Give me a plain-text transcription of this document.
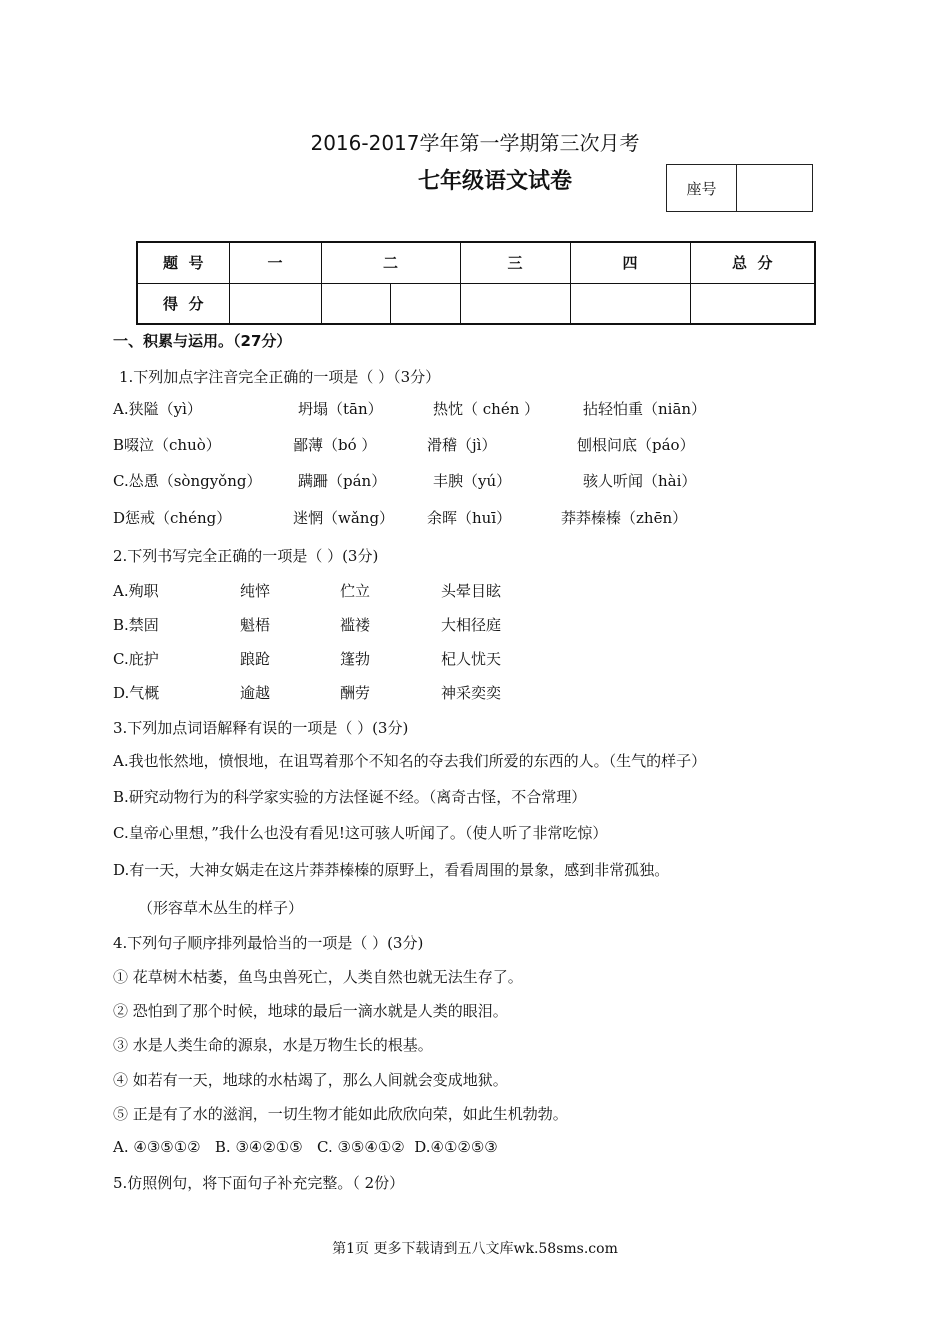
2016-2017学年第一学期第三次月考
七年级语文试卷	座号
题  号	一	二		三	四	总  分
得  分						
一、积累与运用。（27分）
1.下列加点字注音完全正确的一项是（ ）（3分）
A.狭隘（yì）	坍塌（tān）	热忱（ chén ）	拈轻怕重（niān）
B啜泣（chuò）	鄙薄（bó ）	滑稽（jì）	刨根问底（páo）
C.怂恿（sòngyǒng） 蹒跚（pán）	丰腴（yú）	骇人听闻（hài）
D惩戒（chéng）	迷惘（wǎng） 余晖（huī）	莽莽榛榛（zhēn）
2.下列书写完全正确的一项是（ ）(3分)
A.殉职	纯悴	伫立	头晕目眩
B.禁固	魁梧	褴褛	大相径庭
C.庇护	踉跄	篷勃	杞人忧天
D.气概	逾越	酬劳	神采奕奕
3.下列加点词语解释有误的一项是（ ）(3分)
A.我也怅然地，愤恨地，在诅骂着那个不知名的夺去我们所爱的东西的人。（生气的样子）
B.研究动物行为的科学家实验的方法怪诞不经。（离奇古怪，不合常理）
C.皇帝心里想，”我什么也没有看见!这可骇人听闻了。（使人听了非常吃惊）
D.有一天，大神女娲走在这片莽莽榛榛的原野上，看看周围的景象，感到非常孤独。
（形容草木丛生的样子）
4.下列句子顺序排列最恰当的一项是（ ）(3分)
① 花草树木枯萎，鱼鸟虫兽死亡，人类自然也就无法生存了。
② 恐怕到了那个时候，地球的最后一滴水就是人类的眼泪。
③ 水是人类生命的源泉，水是万物生长的根基。
④ 如若有一天，地球的水枯竭了，那么人间就会变成地狱。
⑤ 正是有了水的滋润，一切生物才能如此欣欣向荣，如此生机勃勃。
A. ④③⑤①②   B. ③④②①⑤   C. ③⑤④①②  D.④①②⑤③
5.仿照例句，将下面句子补充完整。（ 2份）
第1页 更多下载请到五八文库wk.58sms.com
